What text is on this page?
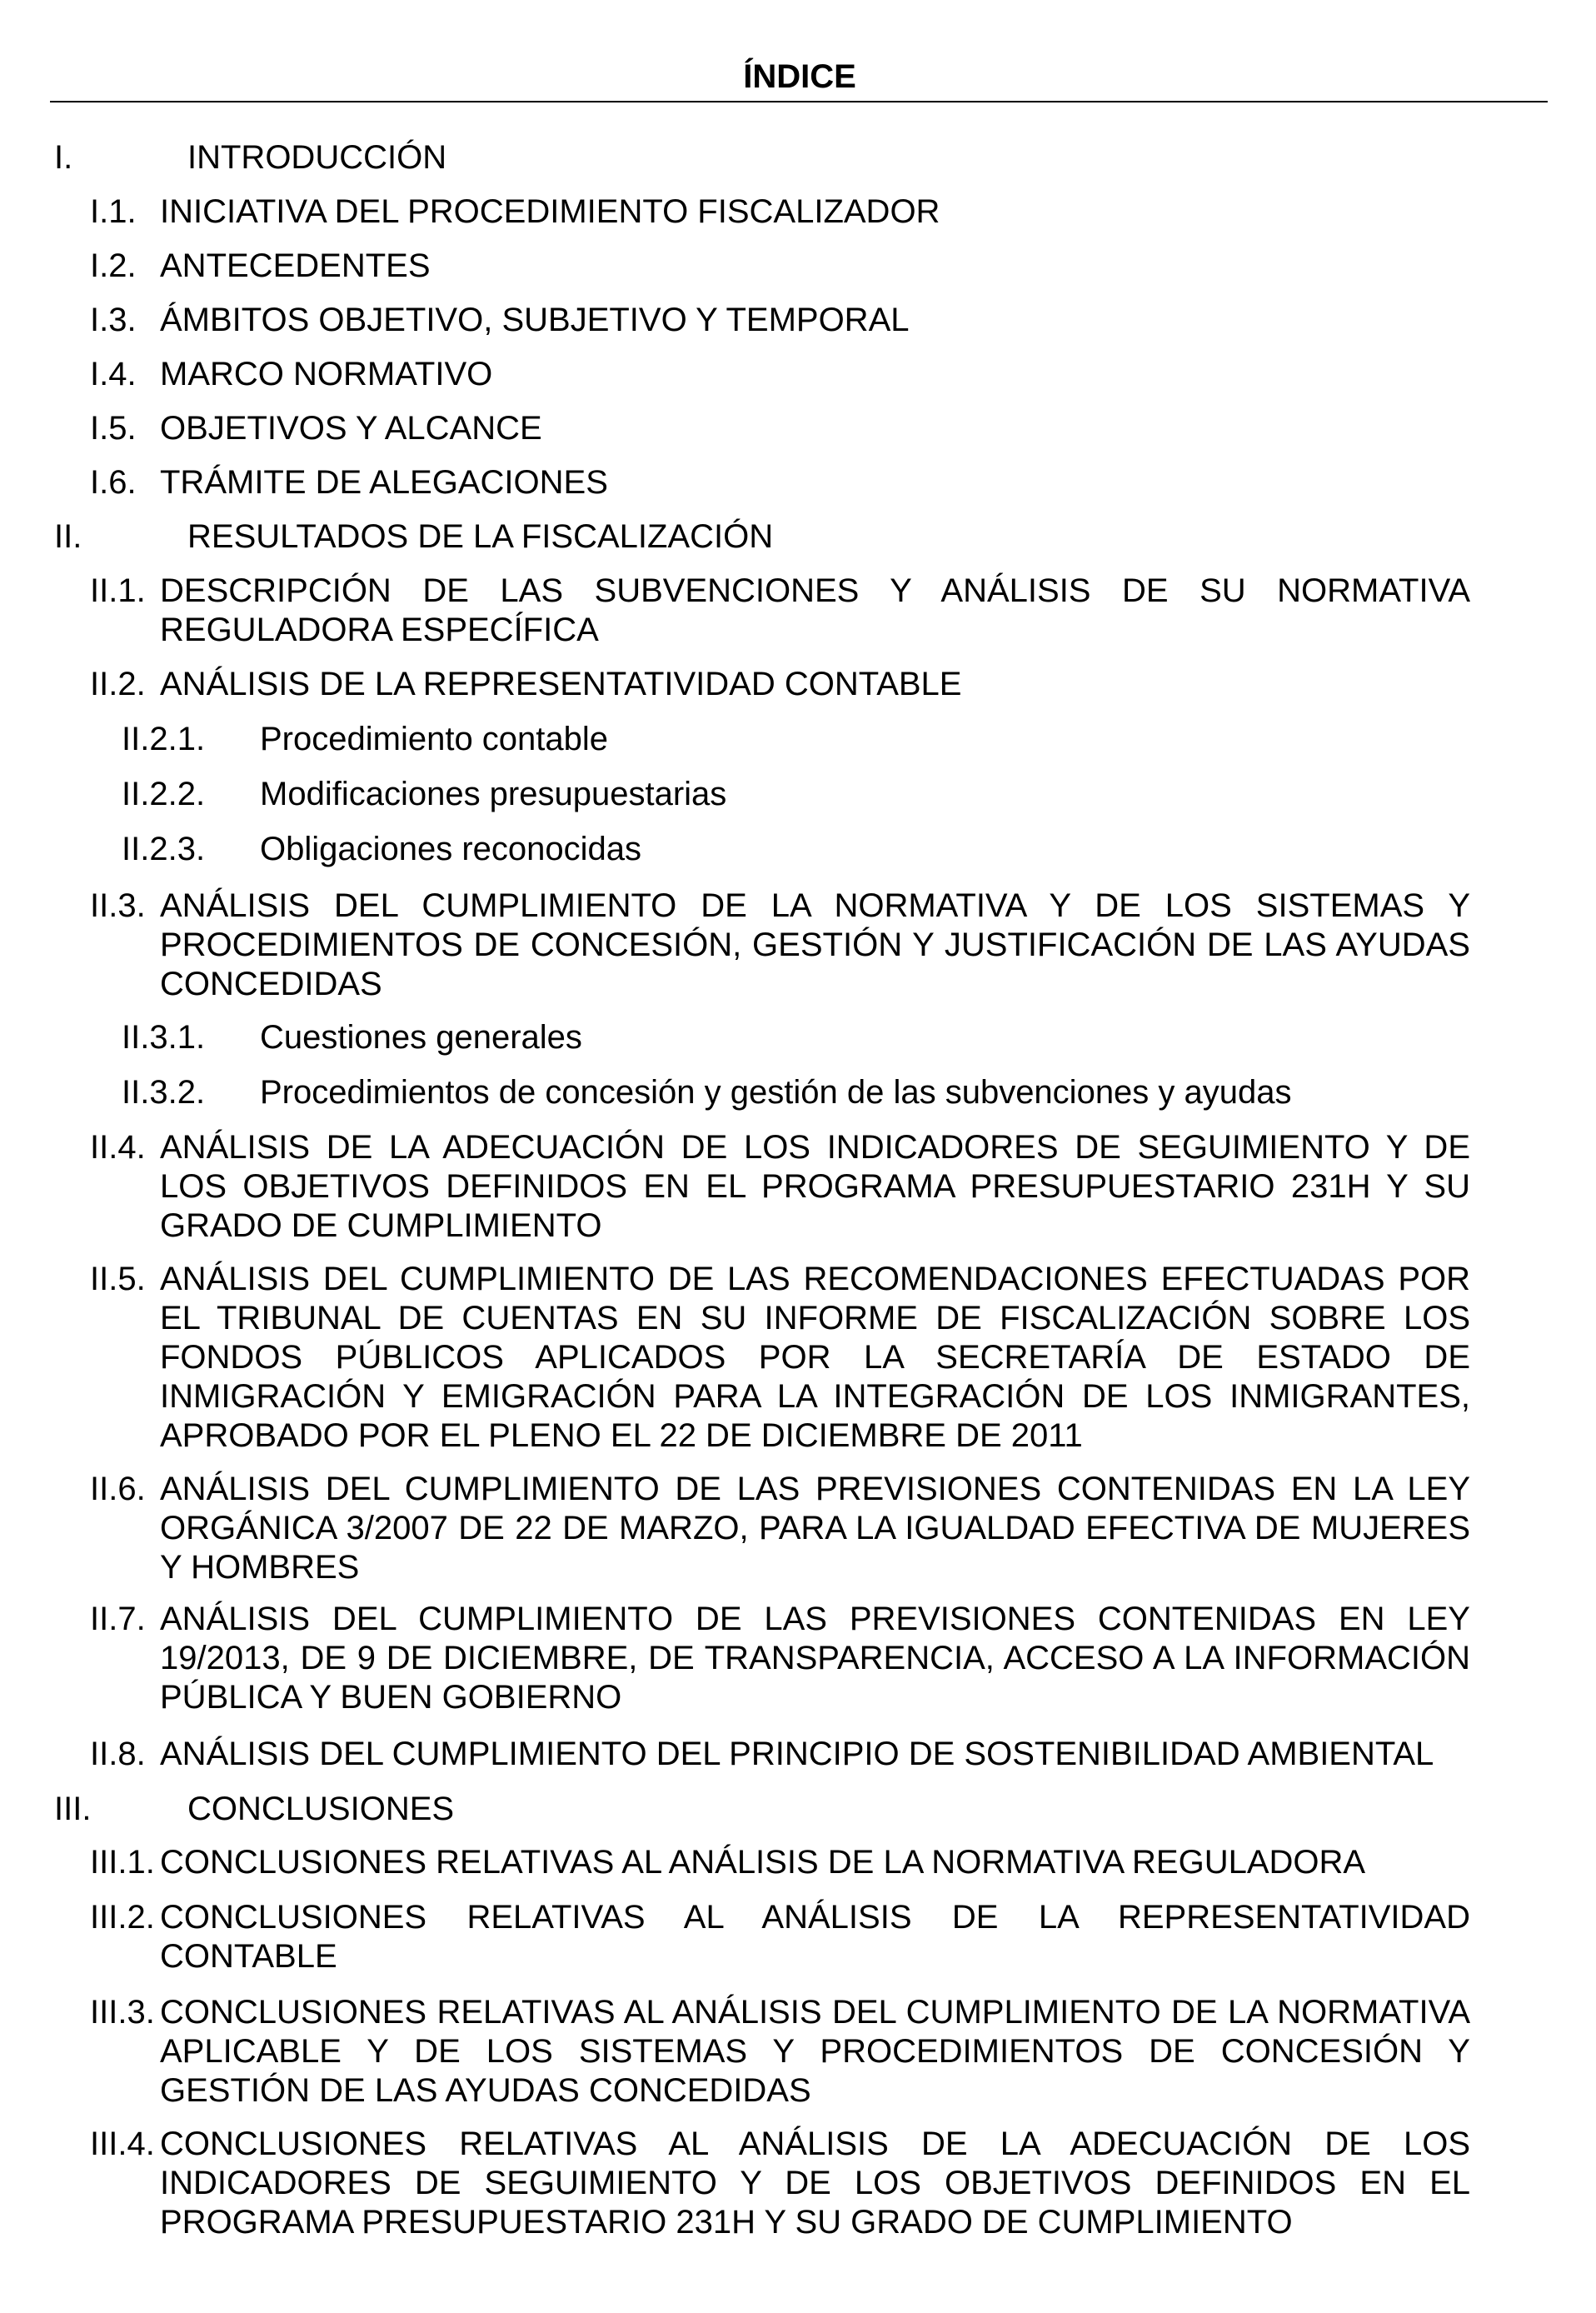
ÍNDICE
I.	INTRODUCCIÓN
I.1. INICIATIVA DEL PROCEDIMIENTO FISCALIZADOR
I.2. ANTECEDENTES
I.3. ÁMBITOS OBJETIVO, SUBJETIVO Y TEMPORAL
I.4. MARCO NORMATIVO
I.5. OBJETIVOS Y ALCANCE
I.6. TRÁMITE DE ALEGACIONES
II.	RESULTADOS DE LA FISCALIZACIÓN
II.1. DESCRIPCIÓN DE LAS SUBVENCIONES Y ANÁLISIS DE SU NORMATIVA REGULADORA ESPECÍFICA
II.2. ANÁLISIS DE LA REPRESENTATIVIDAD CONTABLE
II.2.1. Procedimiento contable
II.2.2. Modificaciones presupuestarias
II.2.3. Obligaciones reconocidas
II.3. ANÁLISIS DEL CUMPLIMIENTO DE LA NORMATIVA Y DE LOS SISTEMAS Y PROCEDIMIENTOS DE CONCESIÓN, GESTIÓN Y JUSTIFICACIÓN DE LAS AYUDAS CONCEDIDAS
II.3.1. Cuestiones generales
II.3.2. Procedimientos de concesión y gestión de las subvenciones y ayudas
II.4. ANÁLISIS DE LA ADECUACIÓN DE LOS INDICADORES DE SEGUIMIENTO Y DE LOS OBJETIVOS DEFINIDOS EN EL PROGRAMA PRESUPUESTARIO 231H Y SU GRADO DE CUMPLIMIENTO
II.5. ANÁLISIS DEL CUMPLIMIENTO DE LAS RECOMENDACIONES EFECTUADAS POR EL TRIBUNAL DE CUENTAS EN SU INFORME DE FISCALIZACIÓN SOBRE LOS FONDOS PÚBLICOS APLICADOS POR LA SECRETARÍA DE ESTADO DE INMIGRACIÓN Y EMIGRACIÓN PARA LA INTEGRACIÓN DE LOS INMIGRANTES, APROBADO POR EL PLENO EL 22 DE DICIEMBRE DE 2011
II.6. ANÁLISIS DEL CUMPLIMIENTO DE LAS PREVISIONES CONTENIDAS EN LA LEY ORGÁNICA 3/2007 DE 22 DE MARZO, PARA LA IGUALDAD EFECTIVA DE MUJERES Y HOMBRES
II.7. ANÁLISIS DEL CUMPLIMIENTO DE LAS PREVISIONES CONTENIDAS EN LEY 19/2013, DE 9 DE DICIEMBRE, DE TRANSPARENCIA, ACCESO A LA INFORMACIÓN PÚBLICA Y BUEN GOBIERNO
II.8. ANÁLISIS DEL CUMPLIMIENTO DEL PRINCIPIO DE SOSTENIBILIDAD AMBIENTAL
III.	CONCLUSIONES
III.1. CONCLUSIONES RELATIVAS AL ANÁLISIS DE LA NORMATIVA REGULADORA
III.2. CONCLUSIONES RELATIVAS AL ANÁLISIS DE LA REPRESENTATIVIDAD CONTABLE
III.3. CONCLUSIONES RELATIVAS AL ANÁLISIS DEL CUMPLIMIENTO DE LA NORMATIVA APLICABLE Y DE LOS SISTEMAS Y PROCEDIMIENTOS DE CONCESIÓN Y GESTIÓN DE LAS AYUDAS CONCEDIDAS
III.4. CONCLUSIONES RELATIVAS AL ANÁLISIS DE LA ADECUACIÓN DE LOS INDICADORES DE SEGUIMIENTO Y DE LOS OBJETIVOS DEFINIDOS EN EL PROGRAMA PRESUPUESTARIO 231H Y SU GRADO DE CUMPLIMIENTO
